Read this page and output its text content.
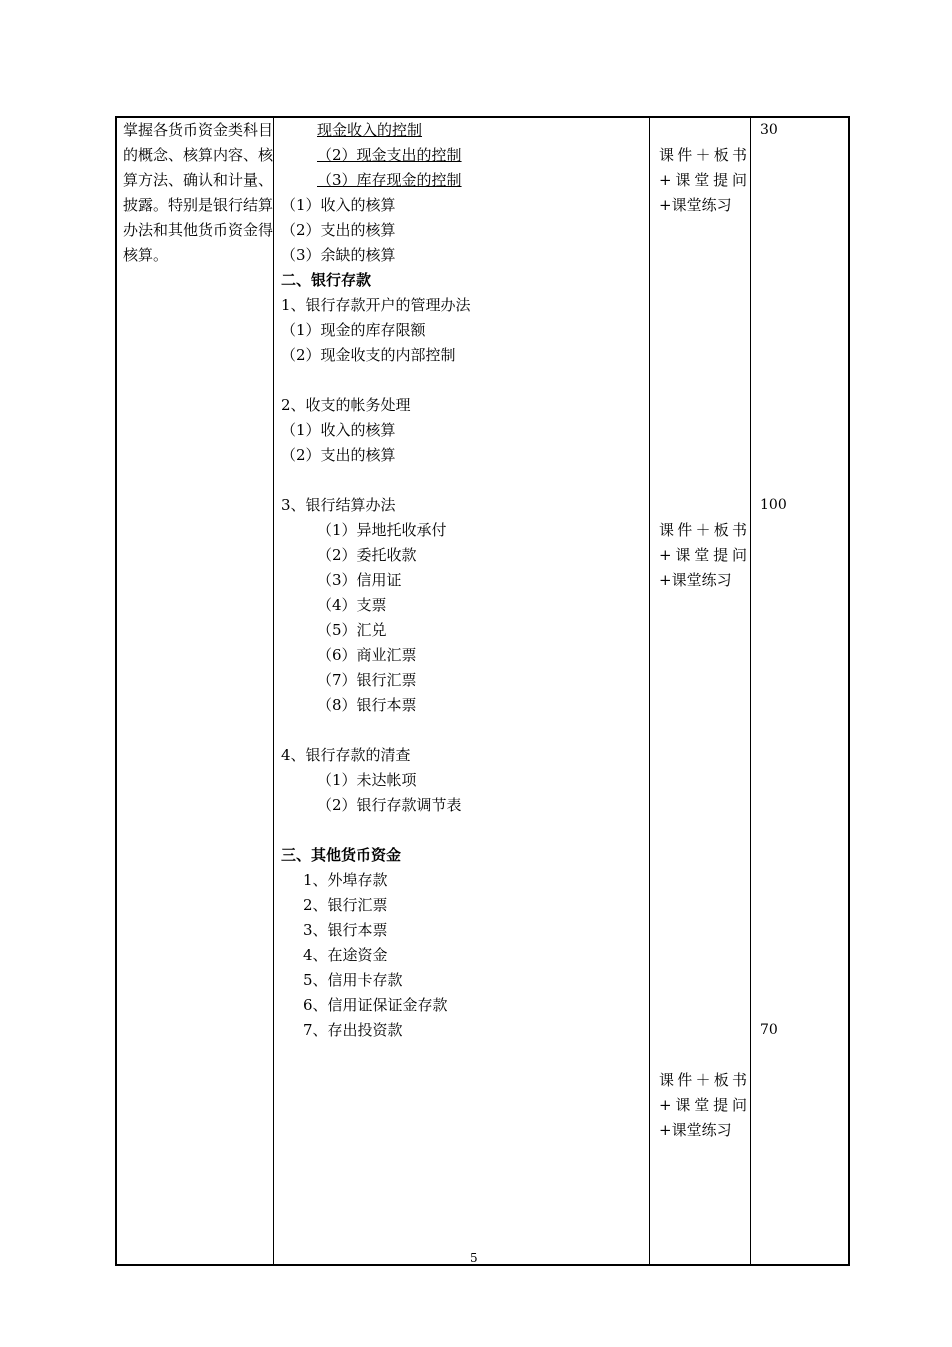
掌握各货币资金类科目的概念、核算内容、核算方法、确认和计量、披露。特别是银行结算办法和其他货币资金得核算。
现金收入的控制
（2）现金支出的控制
（3）库存现金的控制
（1）收入的核算
（2）支出的核算
（3）余缺的核算
二、银行存款
1、银行存款开户的管理办法
（1）现金的库存限额
（2）现金收支的内部控制
2、收支的帐务处理
（1）收入的核算
（2）支出的核算
3、银行结算办法
（1）异地托收承付
（2）委托收款
（3）信用证
（4）支票
（5）汇兑
（6）商业汇票
（7）银行汇票
（8）银行本票
4、银行存款的清查
（1）未达帐项
（2）银行存款调节表
三、其他货币资金
1、外埠存款
2、银行汇票
3、银行本票
4、在途资金
5、信用卡存款
6、信用证保证金存款
7、存出投资款
课件＋板书+课堂提问+课堂练习
课件＋板书+课堂提问+课堂练习
课件＋板书+课堂提问+课堂练习
30
100
70
5
